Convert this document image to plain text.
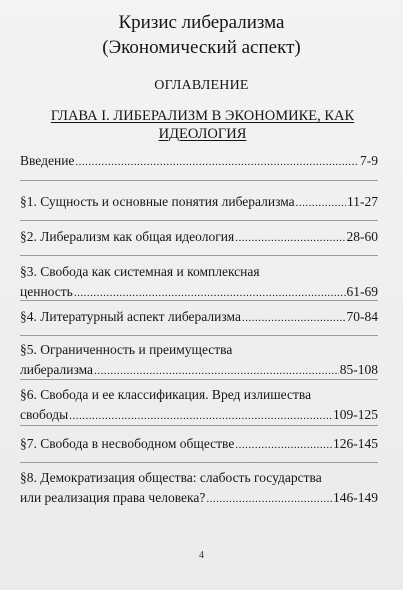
Кризис либерализма
(Экономический аспект)
ОГЛАВЛЕНИЕ
ГЛАВА I. ЛИБЕРАЛИЗМ В ЭКОНОМИКЕ, КАК ИДЕОЛОГИЯ
Введение .....	7-9
§1. Сущность и основные понятия либерализма .....	11-27
§2. Либерализм как общая идеология .....	28-60
§3. Свобода как системная и комплексная
ценность .....	61-69
§4. Литературный аспект либерализма .....	70-84
§5. Ограниченность и преимущества
либерализма .....	85-108
§6. Свобода и ее классификация. Вред излишества
свободы .....	109-125
§7. Свобода в несвободном обществе .....	126-145
§8. Демократизация общества: слабость государства
или реализация права человека? .....	146-149
4
